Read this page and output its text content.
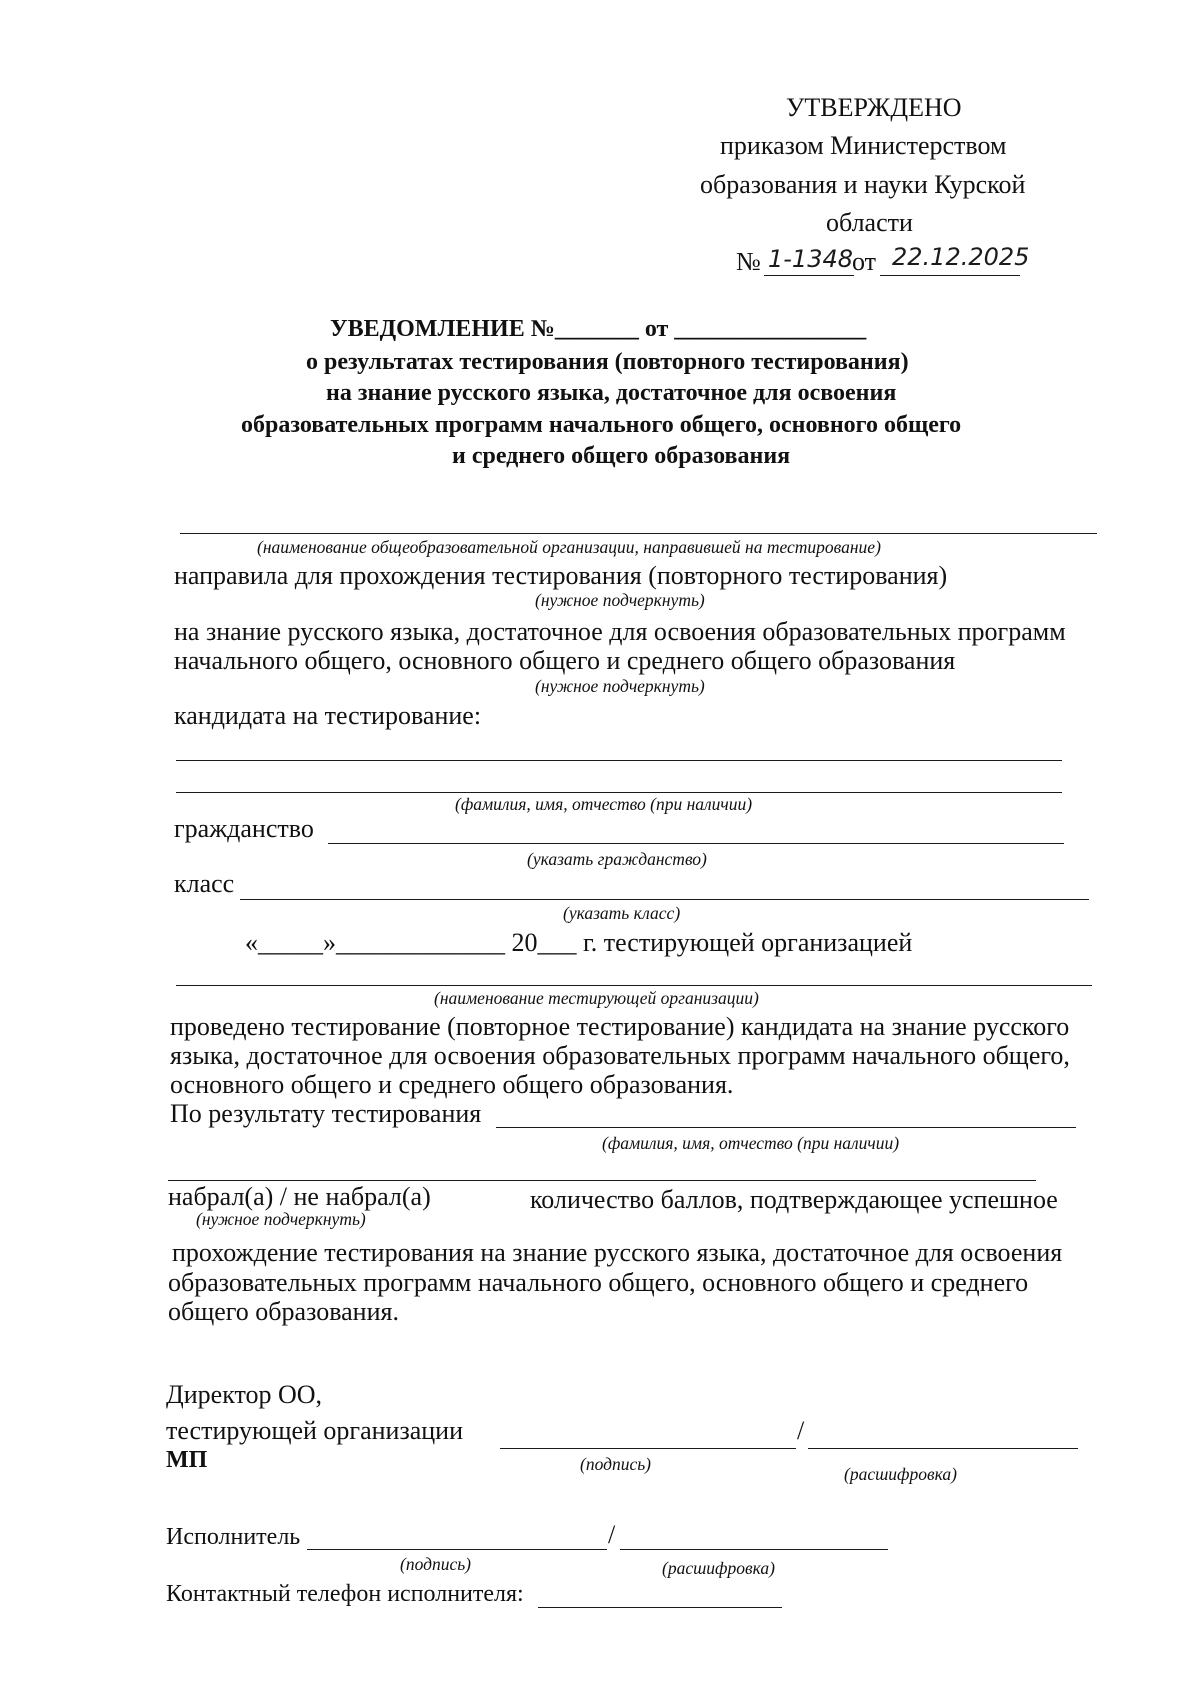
УТВЕРЖДЕНО
приказом Министерством
образования и науки Курской
области
№ 1-1348
от 22.12.2025
УВЕДОМЛЕНИЕ №_______ от ________________
о результатах тестирования (повторного тестирования)
на знание русского языка, достаточное для освоения
образовательных программ начального общего, основного общего
и среднего общего образования
(наименование общеобразовательной организации, направившей на тестирование)
направила для прохождения тестирования (повторного тестирования)
(нужное подчеркнуть)
на знание русского языка, достаточное для освоения образовательных программ
начального общего, основного общего и среднего общего образования
(нужное подчеркнуть)
кандидата на тестирование:
(фамилия, имя, отчество (при наличии)
гражданство
(указать гражданство)
класс
(указать класс)
«_____»_____________ 20___ г. тестирующей организацией
(наименование тестирующей организации)
проведено тестирование (повторное тестирование) кандидата на знание русского
языка, достаточное для освоения образовательных программ начального общего,
основного общего и среднего общего образования.
По результату тестирования
(фамилия, имя, отчество (при наличии)
набрал(а) / не набрал(а)	количество баллов, подтверждающее успешное
(нужное подчеркнуть)
прохождение тестирования на знание русского языка, достаточное для освоения
образовательных программ начального общего, основного общего и среднего
общего образования.
Директор ОО,
тестирующей организации	/
МП	(подпись)	(расшифровка)
Исполнитель	/
(подпись)	(расшифровка)
Контактный телефон исполнителя:
